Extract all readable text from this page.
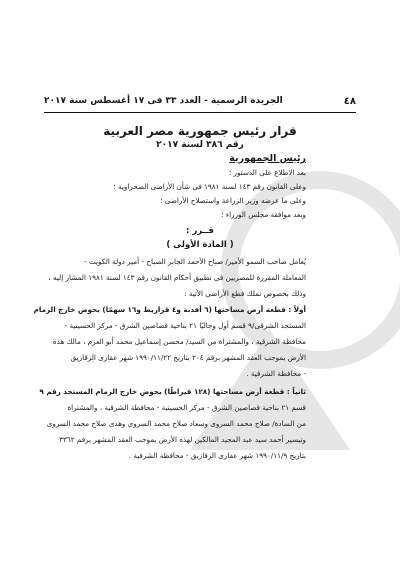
٤٨
الجريدة الرسمية - العدد ٣٣ فى ١٧ أغسطس سنة ٢٠١٧
قرار رئيس جمهورية مصر العربية
رقم ٣٨٦ لسنة ٢٠١٧
رئيس الجمهورية
بعد الاطلاع على الدستور ؛
وعلى القانون رقم ١٤٣ لسنة ١٩٨١ فى شأن الأراضى الصحراوية ؛
وعلى ما عرضه وزير الزراعة واستصلاح الأراضى ؛
وبعد موافقة مجلس الوزراء ؛
قــرر :
( المادة الأولى )
يُعامل صاحب السمو الأمير/ صباح الأحمد الجابر الصباح - أمير دولة الكويت -
المعاملة المقررة للمصريين فى تطبيق أحكام القانون رقم ١٤٣ لسنة ١٩٨١ المشار إليه ،
وذلك بخصوص تملك قطع الأراضى الآتية :
أولاً : قطعة أرض مساحتها (٦ أفدنة و٤ قراريط و١٦ سهمًا) بحوض خارج الزمام
المستجد الشرقى/٩ قسم أول وحاليًا ٢١ بناحية قصاصين الشرق - مركز الحسينية -
محافظة الشرقية ، والمشتراة من السيد/ محسن إسماعيل محمد أبو العزم ، مالك هذه
الأرض بموجب العقد المشهر برقم ٢٠٤ بتاريخ ١٩٩٠/١١/٢٢ شهر عقارى الزقازيق
- محافظة الشرقية .
ثانياً : قطعة أرض مساحتها (١٢٨ قيراطًا) بحوض خارج الزمام المستجد رقم ٩
قسم ٢١ بناحية قصاصين الشرق - مركز الحسينية - محافظة الشرقية ، والمشتراة
من السادة/ صلاح محمد السروى وسعاد صلاح محمد السروى وهدى صلاح محمد السروى
وتيسير أحمد سيد عبد المجيد المالكين لهذه الأرض بموجب العقد المشهر برقم ٣٣٦٢
بتاريخ ١٩٩٠/١١/٩ شهر عقارى الزقازيق - محافظة الشرقية .
